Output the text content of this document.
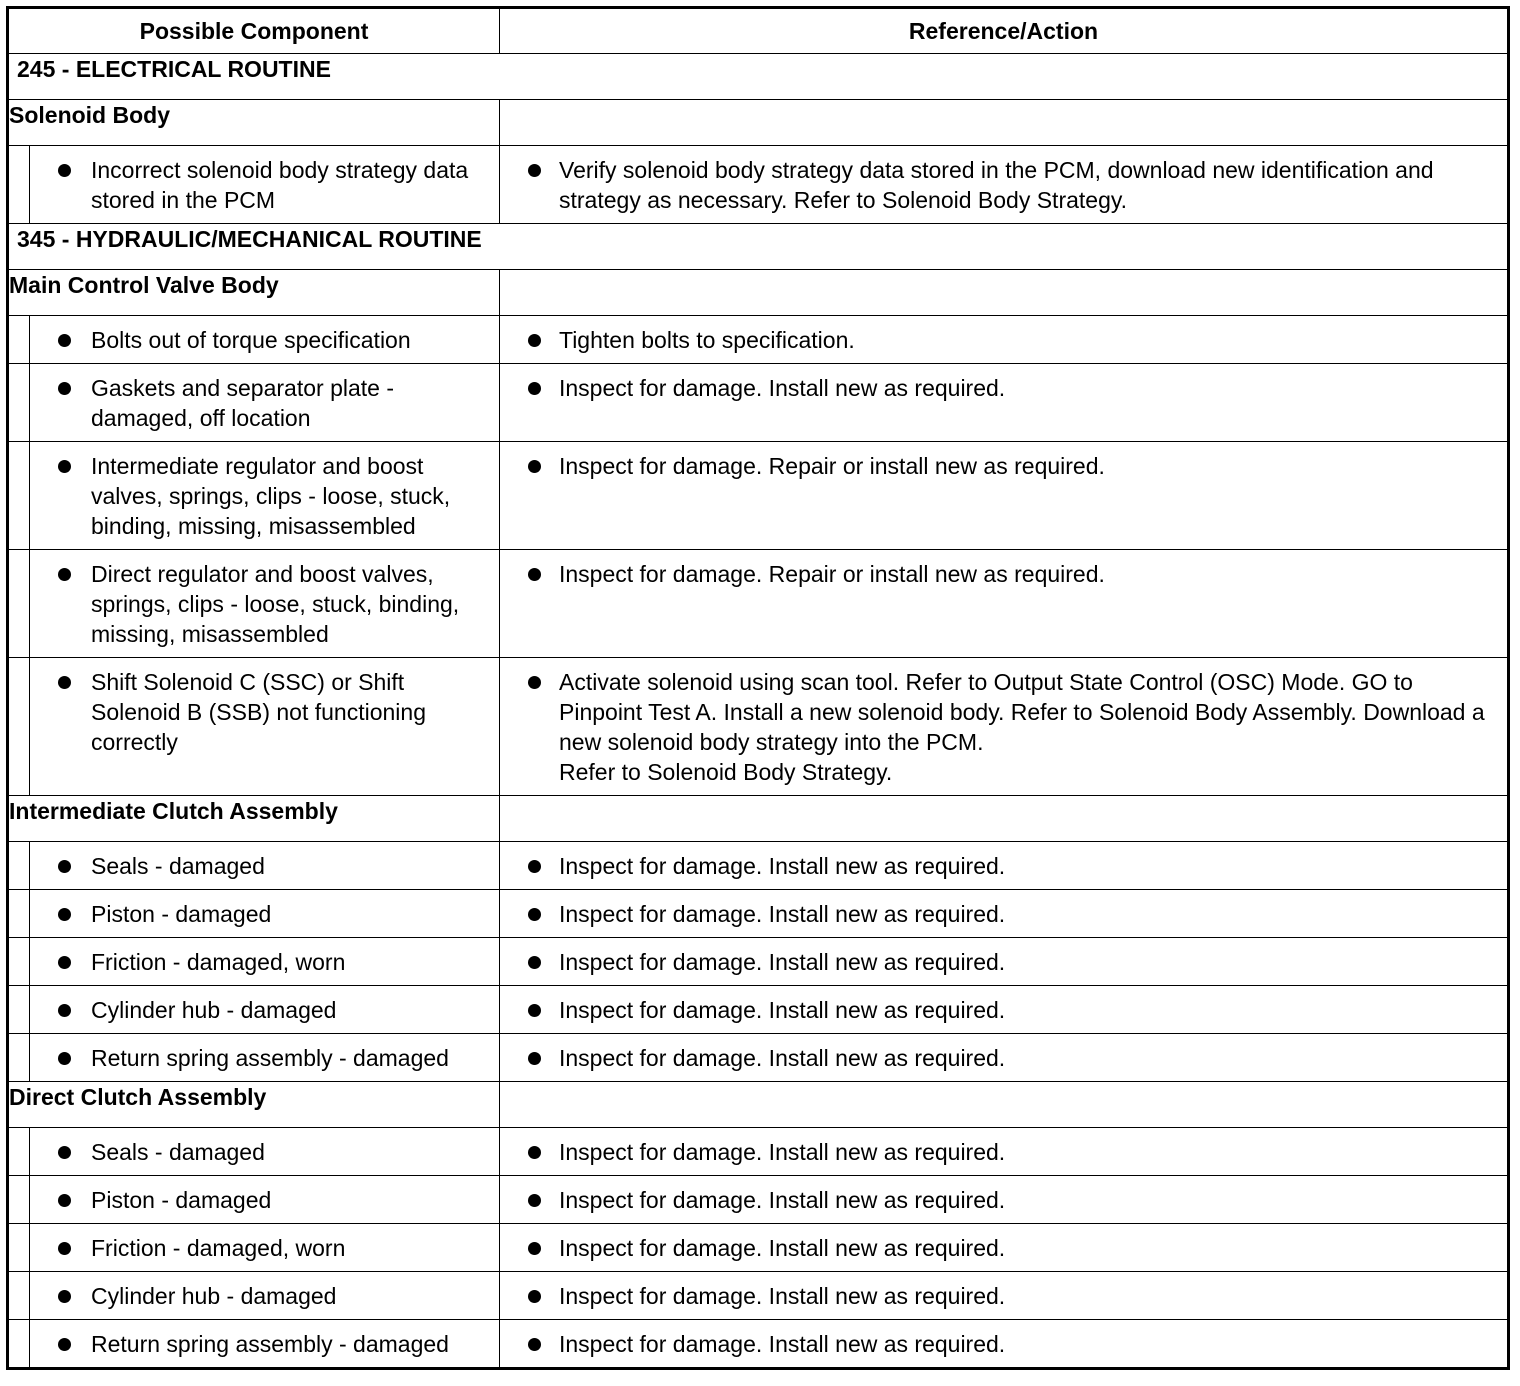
Possible Component		Reference/Action
245 - ELECTRICAL ROUTINE		
Solenoid Body		

	Incorrect solenoid body strategy data stored in the PCM	Verify solenoid body strategy data stored in the PCM, download new identification and strategy as necessary. Refer to Solenoid Body Strategy.

345 - HYDRAULIC/MECHANICAL ROUTINE		
Main Control Valve Body		

	Bolts out of torque specification	Tighten bolts to specification.

	Gaskets and separator plate - damaged, off location	Inspect for damage. Install new as required.

	Intermediate regulator and boost valves, springs, clips - loose, stuck, binding, missing, misassembled	Inspect for damage. Repair or install new as required.

	Direct regulator and boost valves, springs, clips - loose, stuck, binding, missing, misassembled	Inspect for damage. Repair or install new as required.

	Shift Solenoid C (SSC) or Shift Solenoid B (SSB) not functioning correctly	Activate solenoid using scan tool. Refer to Output State Control (OSC) Mode. GO to Pinpoint Test A. Install a new solenoid body. Refer to Solenoid Body Assembly. Download a new solenoid body strategy into the PCM.
Refer to Solenoid Body Strategy.

Intermediate Clutch Assembly		

	Seals - damaged	Inspect for damage. Install new as required.

	Piston - damaged	Inspect for damage. Install new as required.

	Friction - damaged, worn	Inspect for damage. Install new as required.

	Cylinder hub - damaged	Inspect for damage. Install new as required.

	Return spring assembly - damaged	Inspect for damage. Install new as required.

Direct Clutch Assembly		

	Seals - damaged	Inspect for damage. Install new as required.

	Piston - damaged	Inspect for damage. Install new as required.

	Friction - damaged, worn	Inspect for damage. Install new as required.

	Cylinder hub - damaged	Inspect for damage. Install new as required.

	Return spring assembly - damaged	Inspect for damage. Install new as required.
